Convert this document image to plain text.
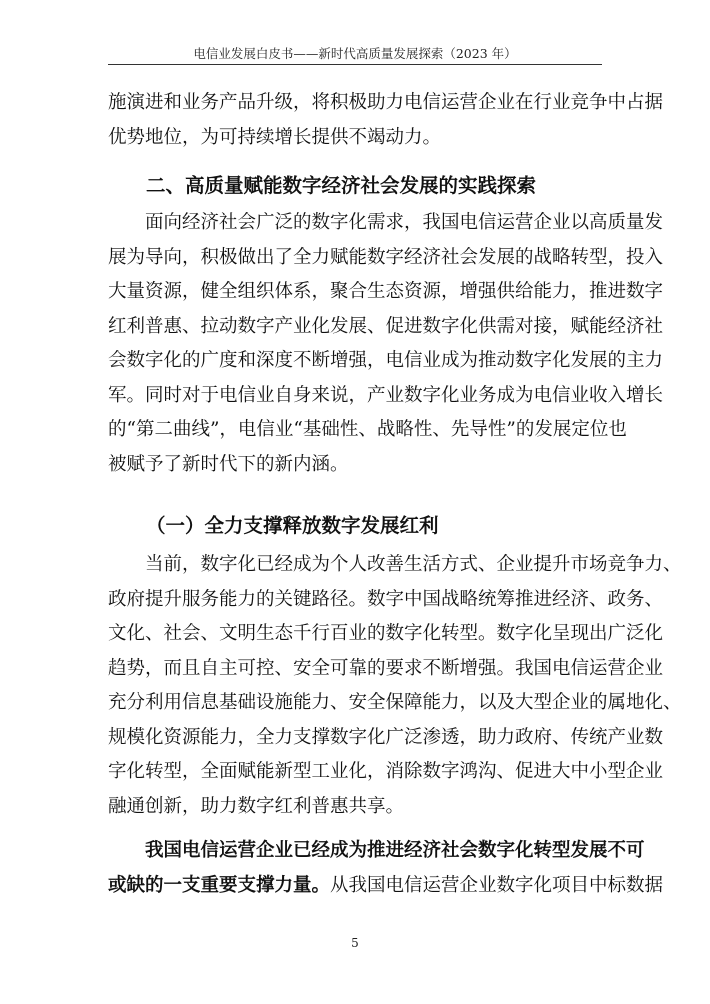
电信业发展白皮书——新时代高质量发展探索（2023 年）
施演进和业务产品升级，将积极助力电信运营企业在行业竞争中占据
优势地位，为可持续增长提供不竭动力。
二、高质量赋能数字经济社会发展的实践探索
面向经济社会广泛的数字化需求，我国电信运营企业以高质量发
展为导向，积极做出了全力赋能数字经济社会发展的战略转型，投入
大量资源，健全组织体系，聚合生态资源，增强供给能力，推进数字
红利普惠、拉动数字产业化发展、促进数字化供需对接，赋能经济社
会数字化的广度和深度不断增强，电信业成为推动数字化发展的主力
军。同时对于电信业自身来说，产业数字化业务成为电信业收入增长
的“第二曲线”，电信业“基础性、战略性、先导性”的发展定位也
被赋予了新时代下的新内涵。
（一）全力支撑释放数字发展红利
当前，数字化已经成为个人改善生活方式、企业提升市场竞争力、
政府提升服务能力的关键路径。数字中国战略统筹推进经济、政务、
文化、社会、文明生态千行百业的数字化转型。数字化呈现出广泛化
趋势，而且自主可控、安全可靠的要求不断增强。我国电信运营企业
充分利用信息基础设施能力、安全保障能力，以及大型企业的属地化、
规模化资源能力，全力支撑数字化广泛渗透，助力政府、传统产业数
字化转型，全面赋能新型工业化，消除数字鸿沟、促进大中小型企业
融通创新，助力数字红利普惠共享。
我国电信运营企业已经成为推进经济社会数字化转型发展不可
或缺的一支重要支撑力量。从我国电信运营企业数字化项目中标数据
5
